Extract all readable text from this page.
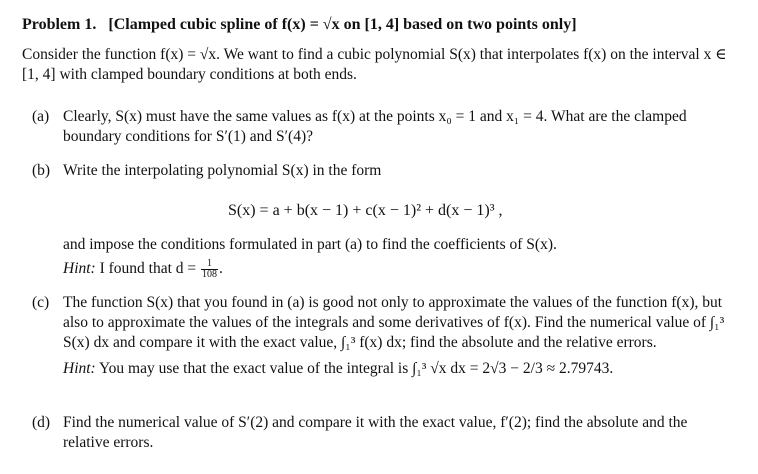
Problem 1. [Clamped cubic spline of f(x) = √x on [1, 4] based on two points only]
Consider the function f(x) = √x. We want to find a cubic polynomial S(x) that interpolates f(x) on the interval x ∈ [1, 4] with clamped boundary conditions at both ends.
(a) Clearly, S(x) must have the same values as f(x) at the points x₀ = 1 and x₁ = 4. What are the clamped boundary conditions for S′(1) and S′(4)?
(b) Write the interpolating polynomial S(x) in the form
S(x) = a + b(x − 1) + c(x − 1)² + d(x − 1)³ ,
and impose the conditions formulated in part (a) to find the coefficients of S(x).
Hint: I found that $d = \frac{1}{108}$ .
(c) The function S(x) that you found in (a) is good not only to approximate the values of the function f(x), but also to approximate the values of the integrals and some derivatives of f(x). Find the numerical value of ∫₁³ S(x) dx and compare it with the exact value, ∫₁³ f(x) dx; find the absolute and the relative errors.
Hint: You may use that the exact value of the integral is ∫₁³ √x dx = 2√3 − 2/3 ≈ 2.79743.
(d) Find the numerical value of S′(2) and compare it with the exact value, f′(2); find the absolute and the relative errors.
